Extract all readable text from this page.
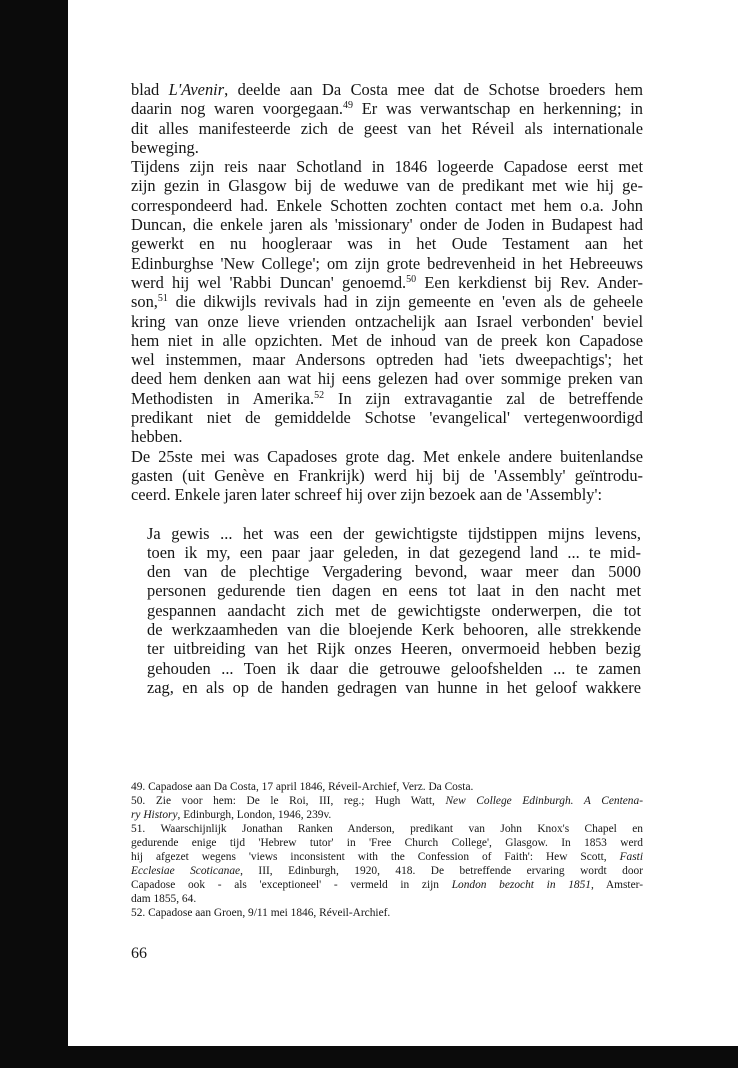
blad L'Avenir, deelde aan Da Costa mee dat de Schotse broeders hem
daarin nog waren voorgegaan.$^{49}$ Er was verwantschap en herkenning; in
dit alles manifesteerde zich de geest van het Réveil als internationale
beweging.

Tijdens zijn reis naar Schotland in 1846 logeerde Capadose eerst met
zijn gezin in Glasgow bij de weduwe van de predikant met wie hij ge-
correspondeerd had. Enkele Schotten zochten contact met hem o.a. John
Duncan, die enkele jaren als 'missionary' onder de Joden in Budapest had
gewerkt en nu hoogleraar was in het Oude Testament aan het
Edinburghse 'New College'; om zijn grote bedrevenheid in het Hebreeuws
werd hij wel 'Rabbi Duncan' genoemd.$^{50}$ Een kerkdienst bij Rev. Ander-
son,$^{51}$ die dikwijls revivals had in zijn gemeente en 'even als de geheele
kring van onze lieve vrienden ontzachelijk aan Israel verbonden' beviel
hem niet in alle opzichten. Met de inhoud van de preek kon Capadose
wel instemmen, maar Andersons optreden had 'iets dweepachtigs'; het
deed hem denken aan wat hij eens gelezen had over sommige preken van
Methodisten in Amerika.$^{52}$ In zijn extravagantie zal de betreffende
predikant niet de gemiddelde Schotse 'evangelical' vertegenwoordigd
hebben.

De 25ste mei was Capadoses grote dag. Met enkele andere buitenlandse
gasten (uit Genève en Frankrijk) werd hij bij de 'Assembly' geïntrodu-
ceerd. Enkele jaren later schreef hij over zijn bezoek aan de 'Assembly':

Ja gewis ... het was een der gewichtigste tijdstippen mijns levens,
toen ik my, een paar jaar geleden, in dat gezegend land ... te mid-
den van de plechtige Vergadering bevond, waar meer dan 5000
personen gedurende tien dagen en eens tot laat in den nacht met
gespannen aandacht zich met de gewichtigste onderwerpen, die tot
de werkzaamheden van die bloejende Kerk behooren, alle strekkende
ter uitbreiding van het Rijk onzes Heeren, onvermoeid hebben bezig
gehouden ... Toen ik daar die getrouwe geloofshelden ... te zamen
zag, en als op de handen gedragen van hunne in het geloof wakkere
49. Capadose aan Da Costa, 17 april 1846, Réveil-Archief, Verz. Da Costa.
50. Zie voor hem: De le Roi, III, reg.; Hugh Watt, New College Edinburgh. A Centena-
ry History, Edinburgh, London, 1946, 239v.
51. Waarschijnlijk Jonathan Ranken Anderson, predikant van John Knox's Chapel en
gedurende enige tijd 'Hebrew tutor' in 'Free Church College', Glasgow. In 1853 werd
hij afgezet wegens 'views inconsistent with the Confession of Faith': Hew Scott, Fasti
Ecclesiae Scoticanae, III, Edinburgh, 1920, 418. De betreffende ervaring wordt door
Capadose ook - als 'exceptioneel' - vermeld in zijn London bezocht in 1851, Amster-
dam 1855, 64.
52. Capadose aan Groen, 9/11 mei 1846, Réveil-Archief.
66
